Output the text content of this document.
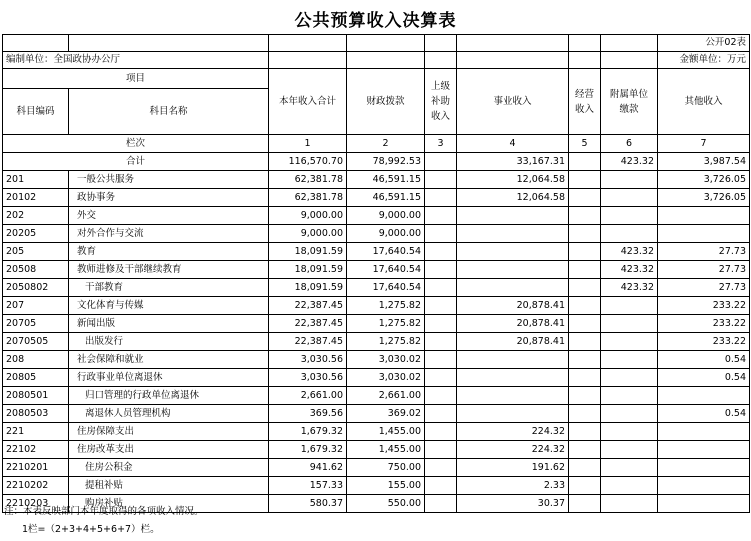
公共预算收入决算表
								公开02表
编制单位：全国政协办公厅								金额单位：万元
项目		本年收入合计	财政拨款	上级补助收入	事业收入	经营收入	附属单位缴款	其他收入
科目编码	科目名称							
栏次		1	2	3	4	5	6	7
合计		116,570.70	78,992.53		33,167.31		423.32	3,987.54
201	一般公共服务	62,381.78	46,591.15		12,064.58			3,726.05
20102	政协事务	62,381.78	46,591.15		12,064.58			3,726.05
202	外交	9,000.00	9,000.00					
20205	对外合作与交流	9,000.00	9,000.00					
205	教育	18,091.59	17,640.54				423.32	27.73
20508	教师进修及干部继续教育	18,091.59	17,640.54				423.32	27.73
2050802	干部教育	18,091.59	17,640.54				423.32	27.73
207	文化体育与传媒	22,387.45	1,275.82		20,878.41			233.22
20705	新闻出版	22,387.45	1,275.82		20,878.41			233.22
2070505	出版发行	22,387.45	1,275.82		20,878.41			233.22
208	社会保障和就业	3,030.56	3,030.02					0.54
20805	行政事业单位离退休	3,030.56	3,030.02					0.54
2080501	归口管理的行政单位离退休	2,661.00	2,661.00					
2080503	离退休人员管理机构	369.56	369.02					0.54
221	住房保障支出	1,679.32	1,455.00		224.32			
22102	住房改革支出	1,679.32	1,455.00		224.32			
2210201	住房公积金	941.62	750.00		191.62			
2210202	提租补贴	157.33	155.00		2.33			
2210203	购房补贴	580.37	550.00		30.37			
注：本表反映部门本年度取得的各项收入情况。
1栏=（2+3+4+5+6+7）栏。
